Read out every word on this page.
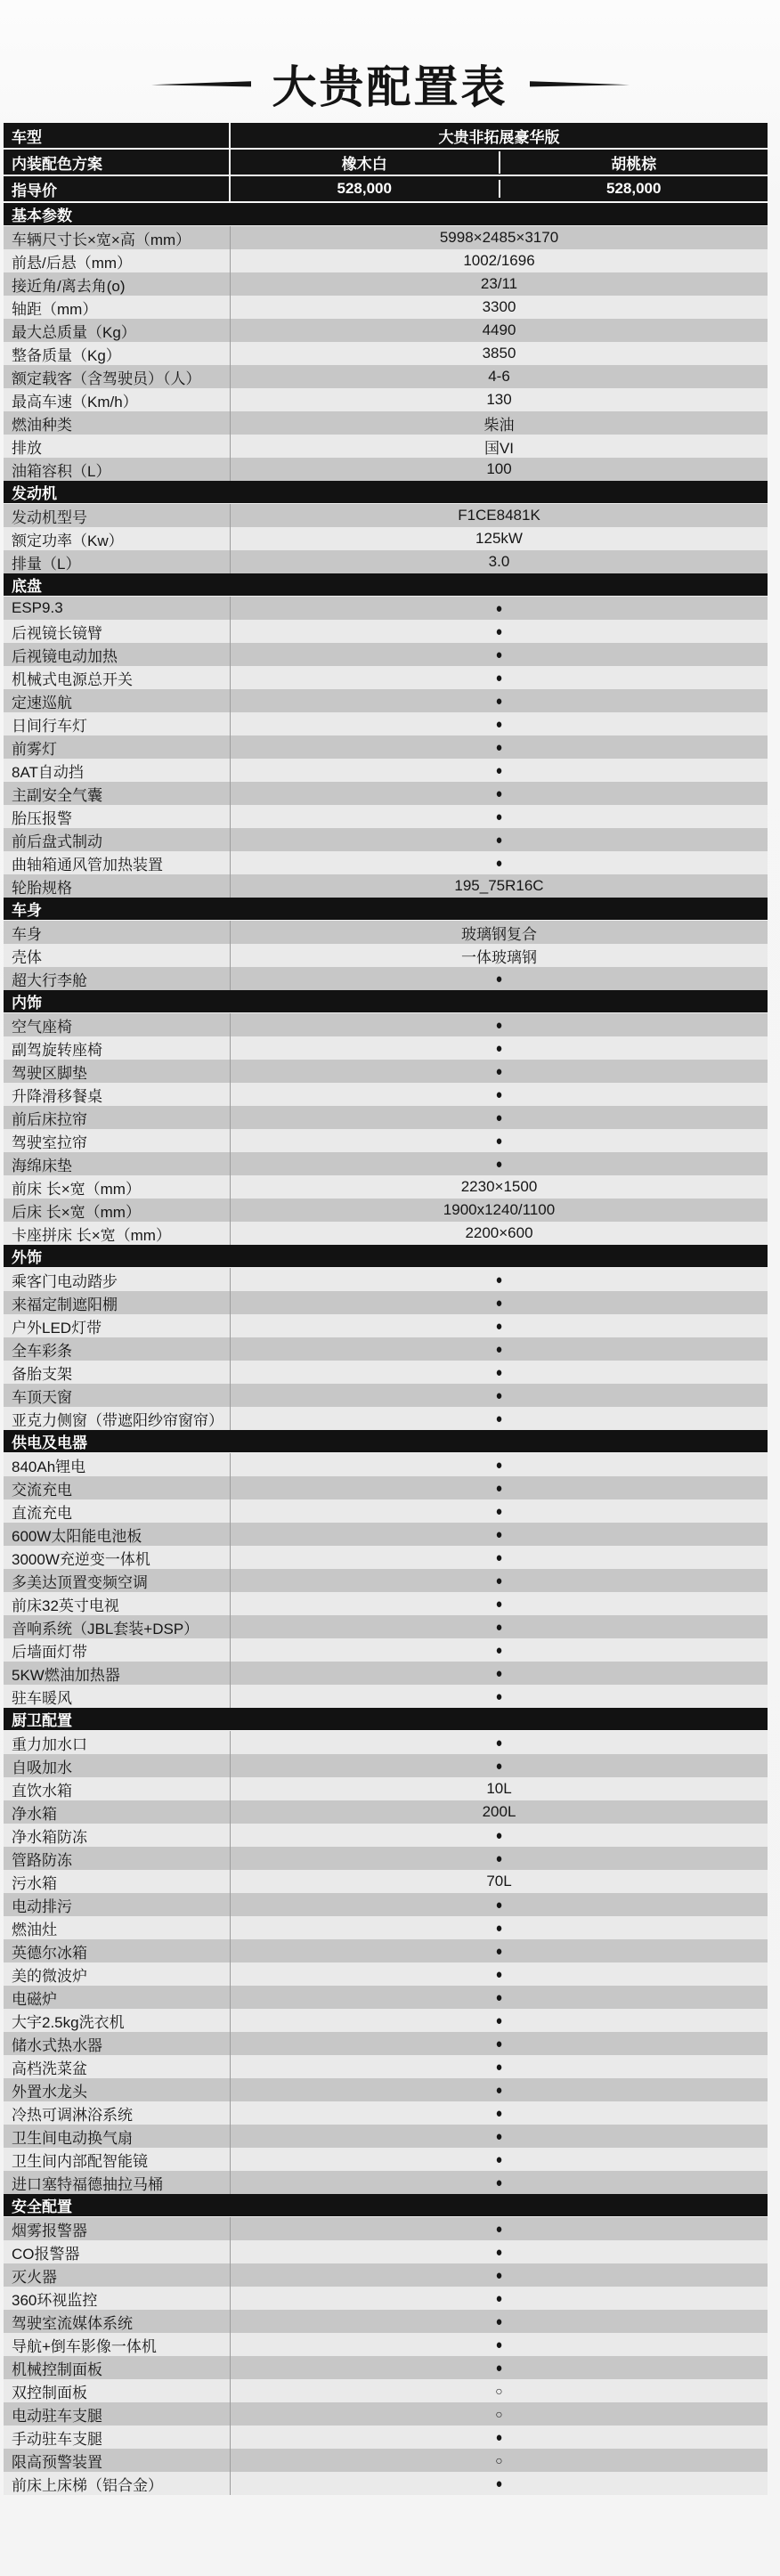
大贵配置表
车型	大贵非拓展豪华版
内装配色方案	橡木白	胡桃棕
指导价	528,000	528,000
基本参数
车辆尺寸长×宽×高（mm）	5998×2485×3170
前悬/后悬（mm）	1002/1696
接近角/离去角(o)	23/11
轴距（mm）	3300
最大总质量（Kg）	4490
整备质量（Kg）	3850
额定载客（含驾驶员）（人）	4-6
最高车速（Km/h）	130
燃油种类	柴油
排放	国VI
油箱容积（L）	100
发动机
发动机型号	F1CE8481K
额定功率（Kw）	125kW
排量（L）	3.0
底盘
ESP9.3	●
后视镜长镜臂	●
后视镜电动加热	●
机械式电源总开关	●
定速巡航	●
日间行车灯	●
前雾灯	●
8AT自动挡	●
主副安全气囊	●
胎压报警	●
前后盘式制动	●
曲轴箱通风管加热装置	●
轮胎规格	195_75R16C
车身
车身	玻璃钢复合
壳体	一体玻璃钢
超大行李舱	●
内饰
空气座椅	●
副驾旋转座椅	●
驾驶区脚垫	●
升降滑移餐桌	●
前后床拉帘	●
驾驶室拉帘	●
海绵床垫	●
前床 长×宽（mm）	2230×1500
后床 长×宽（mm）	1900x1240/1100
卡座拼床 长×宽（mm）	2200×600
外饰
乘客门电动踏步	●
来福定制遮阳棚	●
户外LED灯带	●
全车彩条	●
备胎支架	●
车顶天窗	●
亚克力侧窗（带遮阳纱帘窗帘）	●
供电及电器
840Ah锂电	●
交流充电	●
直流充电	●
600W太阳能电池板	●
3000W充逆变一体机	●
多美达顶置变频空调	●
前床32英寸电视	●
音响系统（JBL套装+DSP）	●
后墙面灯带	●
5KW燃油加热器	●
驻车暖风	●
厨卫配置
重力加水口	●
自吸加水	●
直饮水箱	10L
净水箱	200L
净水箱防冻	●
管路防冻	●
污水箱	70L
电动排污	●
燃油灶	●
英德尔冰箱	●
美的微波炉	●
电磁炉	●
大宇2.5kg洗衣机	●
储水式热水器	●
高档洗菜盆	●
外置水龙头	●
冷热可调淋浴系统	●
卫生间电动换气扇	●
卫生间内部配智能镜	●
进口塞特福德抽拉马桶	●
安全配置
烟雾报警器	●
CO报警器	●
灭火器	●
360环视监控	●
驾驶室流媒体系统	●
导航+倒车影像一体机	●
机械控制面板	●
双控制面板	○
电动驻车支腿	○
手动驻车支腿	●
限高预警装置	○
前床上床梯（铝合金）	●
